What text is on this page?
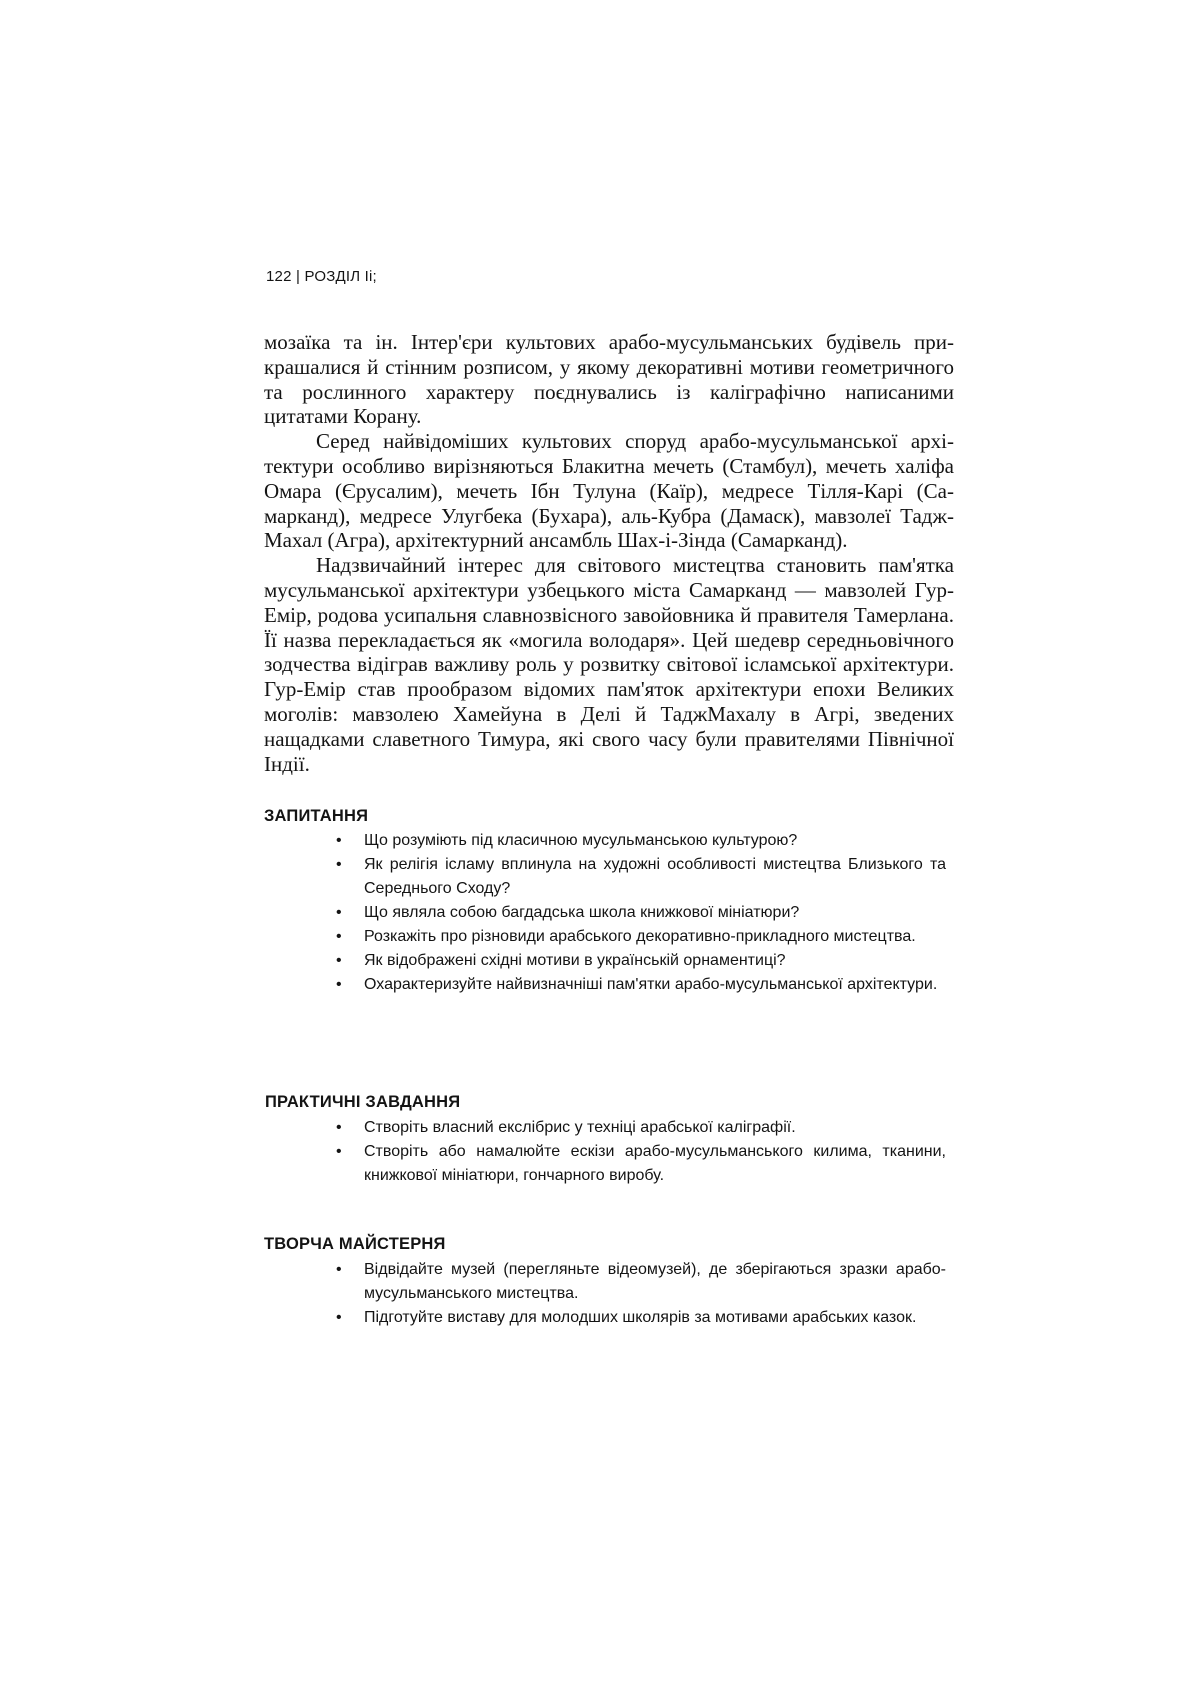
122 | РОЗДІЛ Іі;

мозаїка та ін. Інтер'єри культових арабо-мусульманських будівель прикрашалися й стінним розписом, у якому декоративні мотиви геометричного та рослинного характеру поєднувались із каліграфічно написаними цитатами Корану.

Серед найвідоміших культових споруд арабо-мусульманської архітектури особливо вирізняються Блакитна мечеть (Стамбул), мечеть халіфа Омара (Єрусалим), мечеть Ібн Тулуна (Каїр), медресе Тілля-Карі (Самарканд), медресе Улугбека (Бухара), аль-Кубра (Дамаск), мавзолеї Тадж-Махал (Агра), архітектурний ансамбль Шах-і-Зінда (Самарканд).

Надзвичайний інтерес для світового мистецтва становить пам'ятка мусульманської архітектури узбецького міста Самарканд — мавзолей Гур-Емір, родова усипальня славнозвісного завойовника й правителя Тамерлана. Її назва перекладається як «могила володаря». Цей шедевр середньовічного зодчества відіграв важливу роль у розвитку світової ісламської архітектури. Гур-Емір став прообразом відомих пам'яток архітектури епохи Великих моголів: мавзолею Хамейуна в Делі й ТаджМахалу в Агрі, зведених нащадками славетного Тимура, які свого часу були правителями Північної Індії.

ЗАПИТАННЯ
• Що розуміють під класичною мусульманською культурою?
• Як релігія ісламу вплинула на художні особливості мистецтва Близького та Середнього Сходу?
• Що являла собою багдадська школа книжкової мініатюри?
• Розкажіть про різновиди арабського декоративно-прикладного мистецтва.
• Як відображені східні мотиви в українській орнаментиці?
• Охарактеризуйте найвизначніші пам'ятки арабо-мусульманської архітектури.
ПРАКТИЧНІ ЗАВДАННЯ
• Створіть власний екслібрис у техніці арабської каліграфії.
• Створіть або намалюйте ескізи арабо-мусульманського килима, тканини, книжкової мініатюри, гончарного виробу.
ТВОРЧА МАЙСТЕРНЯ
• Відвідайте музей (перегляньте відеомузей), де зберігаються зразки арабо-мусульманського мистецтва.
• Підготуйте виставу для молодших школярів за мотивами арабських казок.
